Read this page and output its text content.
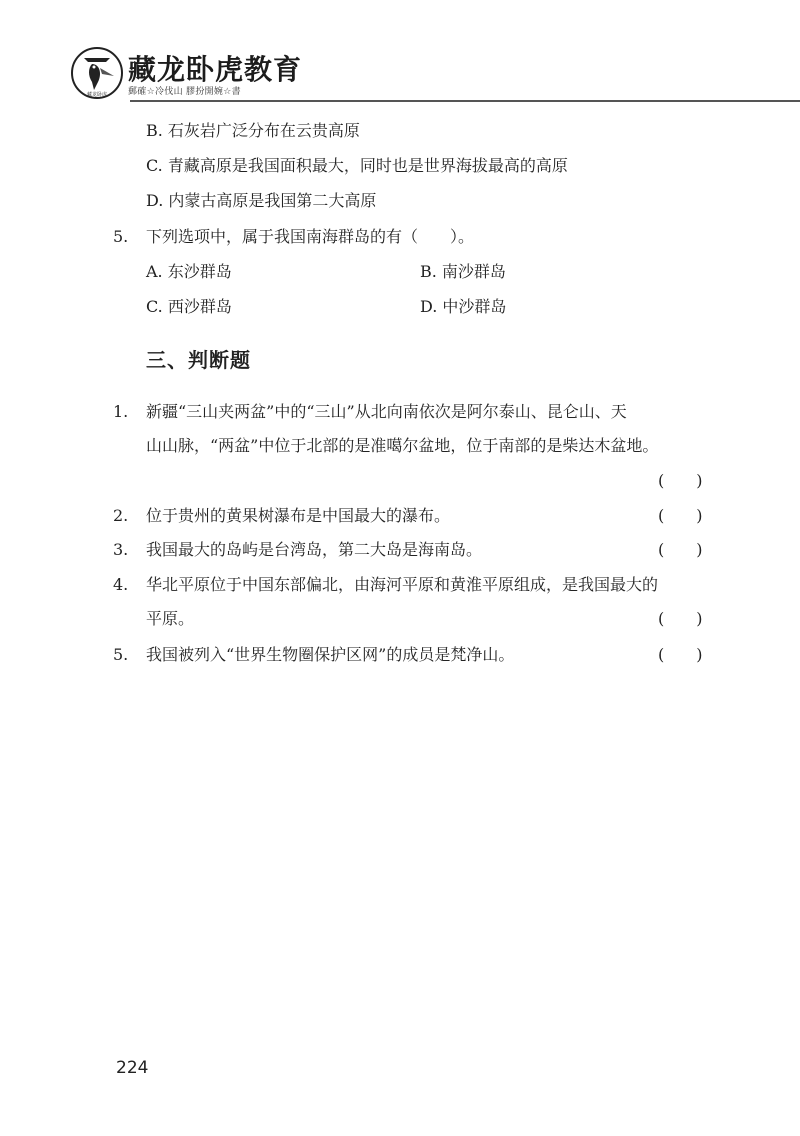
藏龙卧虎
藏龙卧虎教育
郵確☆冷伐山 膠扮開婉☆書
B. 石灰岩广泛分布在云贵高原
C. 青藏高原是我国面积最大，同时也是世界海拔最高的高原
D. 内蒙古高原是我国第二大高原
5. 下列选项中，属于我国南海群岛的有（　　）。
A. 东沙群岛	B. 南沙群岛
C. 西沙群岛	D. 中沙群岛
三、判断题
1. 新疆“三山夹两盆”中的“三山”从北向南依次是阿尔泰山、昆仑山、天
山山脉，“两盆”中位于北部的是准噶尔盆地，位于南部的是柴达木盆地。
(　　)
2. 位于贵州的黄果树瀑布是中国最大的瀑布。	(　　)
3. 我国最大的岛屿是台湾岛，第二大岛是海南岛。	(　　)
4. 华北平原位于中国东部偏北，由海河平原和黄淮平原组成，是我国最大的
平原。	(　　)
5. 我国被列入“世界生物圈保护区网”的成员是梵净山。	(　　)
224
